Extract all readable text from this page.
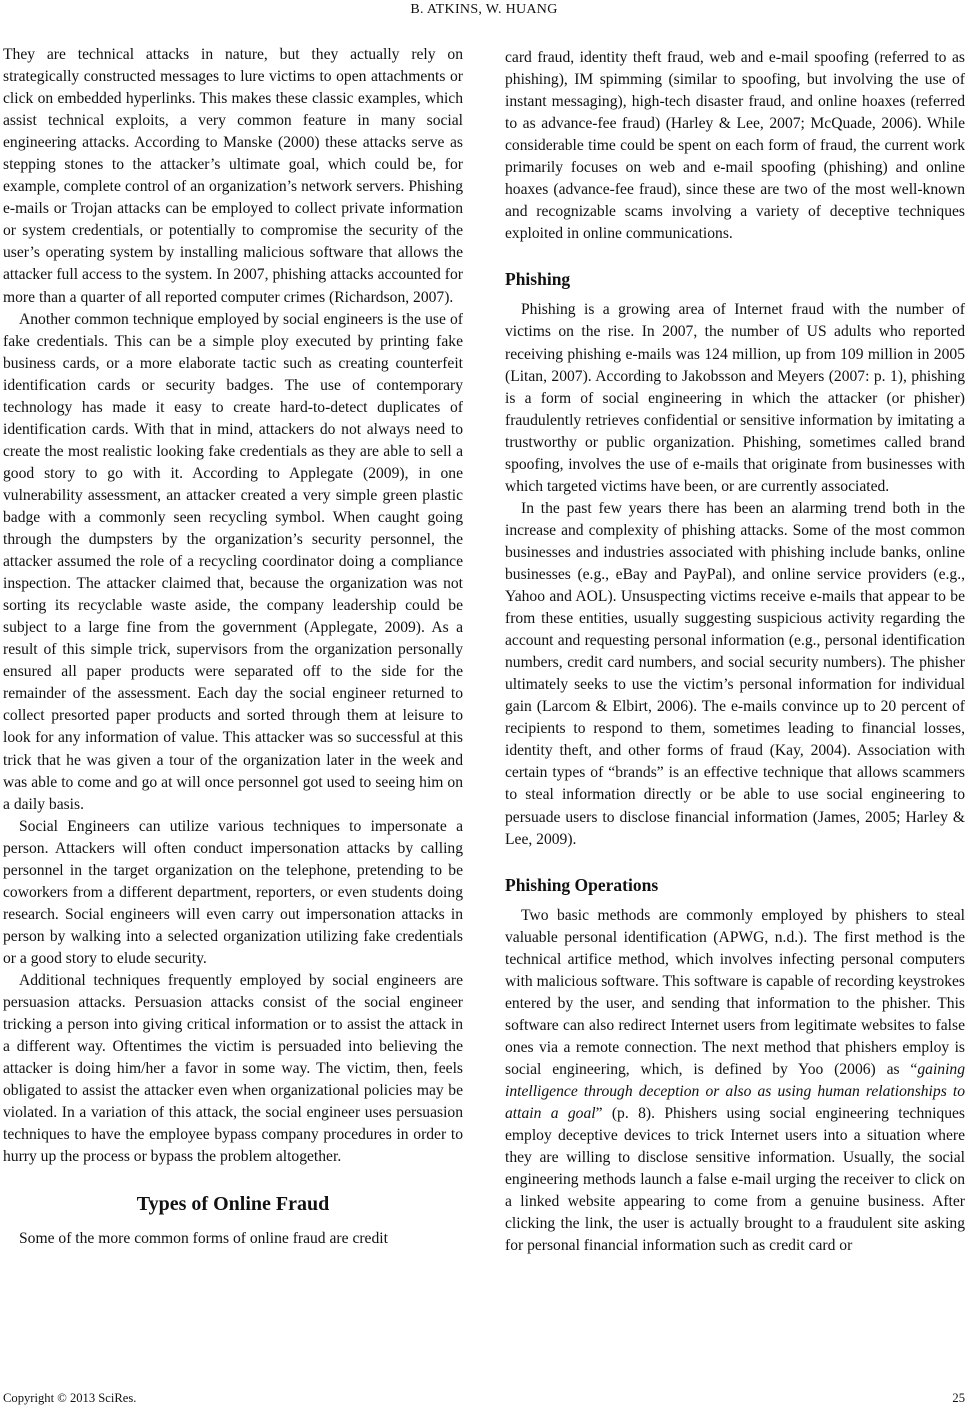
B. ATKINS, W. HUANG

They are technical attacks in nature, but they actually rely on strategically constructed messages to lure victims to open attachments or click on embedded hyperlinks. This makes these classic examples, which assist technical exploits, a very common feature in many social engineering attacks. According to Manske (2000) these attacks serve as stepping stones to the attacker’s ultimate goal, which could be, for example, complete control of an organization’s network servers. Phishing e-mails or Trojan attacks can be employed to collect private information or system credentials, or potentially to compromise the security of the user’s operating system by installing malicious software that allows the attacker full access to the system. In 2007, phishing attacks accounted for more than a quarter of all reported computer crimes (Richardson, 2007).

Another common technique employed by social engineers is the use of fake credentials. This can be a simple ploy executed by printing fake business cards, or a more elaborate tactic such as creating counterfeit identification cards or security badges. The use of contemporary technology has made it easy to create hard-to-detect duplicates of identification cards. With that in mind, attackers do not always need to create the most realistic looking fake credentials as they are able to sell a good story to go with it. According to Applegate (2009), in one vulnerability assessment, an attacker created a very simple green plastic badge with a commonly seen recycling symbol. When caught going through the dumpsters by the organization’s security personnel, the attacker assumed the role of a recycling coordinator doing a compliance inspection. The attacker claimed that, because the organization was not sorting its recyclable waste aside, the company leadership could be subject to a large fine from the government (Applegate, 2009). As a result of this simple trick, supervisors from the organization personally ensured all paper products were separated off to the side for the remainder of the assessment. Each day the social engineer returned to collect presorted paper products and sorted through them at leisure to look for any information of value. This attacker was so successful at this trick that he was given a tour of the organization later in the week and was able to come and go at will once personnel got used to seeing him on a daily basis.

Social Engineers can utilize various techniques to impersonate a person. Attackers will often conduct impersonation attacks by calling personnel in the target organization on the telephone, pretending to be coworkers from a different department, reporters, or even students doing research. Social engineers will even carry out impersonation attacks in person by walking into a selected organization utilizing fake credentials or a good story to elude security.

Additional techniques frequently employed by social engineers are persuasion attacks. Persuasion attacks consist of the social engineer tricking a person into giving critical information or to assist the attack in a different way. Oftentimes the victim is persuaded into believing the attacker is doing him/her a favor in some way. The victim, then, feels obligated to assist the attacker even when organizational policies may be violated. In a variation of this attack, the social engineer uses persuasion techniques to have the employee bypass company procedures in order to hurry up the process or bypass the problem altogether.

Types of Online Fraud

Some of the more common forms of online fraud are credit

card fraud, identity theft fraud, web and e-mail spoofing (referred to as phishing), IM spimming (similar to spoofing, but involving the use of instant messaging), high-tech disaster fraud, and online hoaxes (referred to as advance-fee fraud) (Harley & Lee, 2007; McQuade, 2006). While considerable time could be spent on each form of fraud, the current work primarily focuses on web and e-mail spoofing (phishing) and online hoaxes (advance-fee fraud), since these are two of the most well-known and recognizable scams involving a variety of deceptive techniques exploited in online communications.

Phishing

Phishing is a growing area of Internet fraud with the number of victims on the rise. In 2007, the number of US adults who reported receiving phishing e-mails was 124 million, up from 109 million in 2005 (Litan, 2007). According to Jakobsson and Meyers (2007: p. 1), phishing is a form of social engineering in which the attacker (or phisher) fraudulently retrieves confidential or sensitive information by imitating a trustworthy or public organization. Phishing, sometimes called brand spoofing, involves the use of e-mails that originate from businesses with which targeted victims have been, or are currently associated.

In the past few years there has been an alarming trend both in the increase and complexity of phishing attacks. Some of the most common businesses and industries associated with phishing include banks, online businesses (e.g., eBay and PayPal), and online service providers (e.g., Yahoo and AOL). Unsuspecting victims receive e-mails that appear to be from these entities, usually suggesting suspicious activity regarding the account and requesting personal information (e.g., personal identification numbers, credit card numbers, and social security numbers). The phisher ultimately seeks to use the victim’s personal information for individual gain (Larcom & Elbirt, 2006). The e-mails convince up to 20 percent of recipients to respond to them, sometimes leading to financial losses, identity theft, and other forms of fraud (Kay, 2004). Association with certain types of “brands” is an effective technique that allows scammers to steal information directly or be able to use social engineering to persuade users to disclose financial information (James, 2005; Harley & Lee, 2009).

Phishing Operations

Two basic methods are commonly employed by phishers to steal valuable personal identification (APWG, n.d.). The first method is the technical artifice method, which involves infecting personal computers with malicious software. This software is capable of recording keystrokes entered by the user, and sending that information to the phisher. This software can also redirect Internet users from legitimate websites to false ones via a remote connection. The next method that phishers employ is social engineering, which, is defined by Yoo (2006) as “gaining intelligence through deception or also as using human relationships to attain a goal” (p. 8). Phishers using social engineering techniques employ deceptive devices to trick Internet users into a situation where they are willing to disclose sensitive information. Usually, the social engineering methods launch a false e-mail urging the receiver to click on a linked website appearing to come from a genuine business. After clicking the link, the user is actually brought to a fraudulent site asking for personal financial information such as credit card or

Copyright © 2013 SciRes.	25
